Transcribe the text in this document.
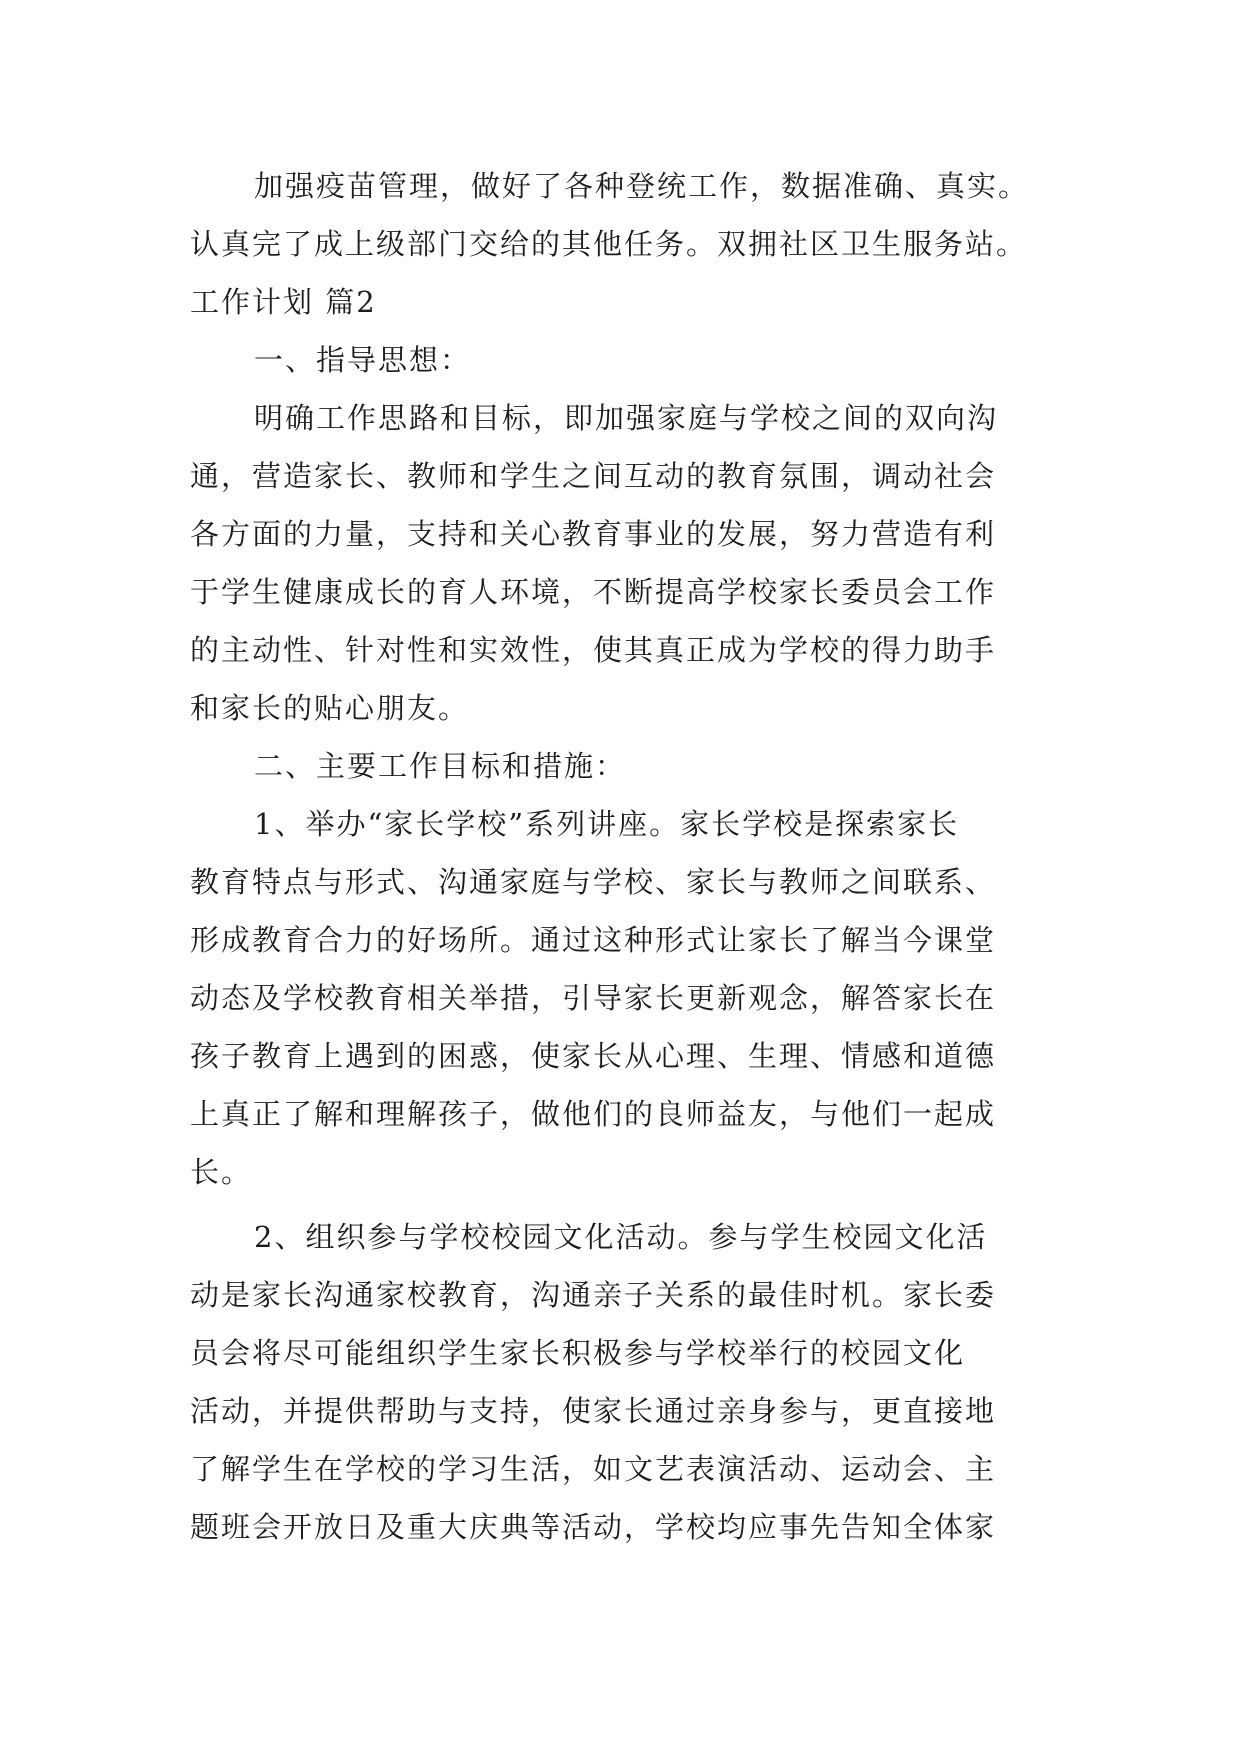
加强疫苗管理，做好了各种登统工作，数据准确、真实。
认真完了成上级部门交给的其他任务。双拥社区卫生服务站。
工作计划 篇2
一、指导思想：
明确工作思路和目标，即加强家庭与学校之间的双向沟
通，营造家长、教师和学生之间互动的教育氛围，调动社会
各方面的力量，支持和关心教育事业的发展，努力营造有利
于学生健康成长的育人环境，不断提高学校家长委员会工作
的主动性、针对性和实效性，使其真正成为学校的得力助手
和家长的贴心朋友。
二、主要工作目标和措施：
1、举办“家长学校”系列讲座。家长学校是探索家长
教育特点与形式、沟通家庭与学校、家长与教师之间联系、
形成教育合力的好场所。通过这种形式让家长了解当今课堂
动态及学校教育相关举措，引导家长更新观念，解答家长在
孩子教育上遇到的困惑，使家长从心理、生理、情感和道德
上真正了解和理解孩子，做他们的良师益友，与他们一起成
长。
2、组织参与学校校园文化活动。参与学生校园文化活
动是家长沟通家校教育，沟通亲子关系的最佳时机。家长委
员会将尽可能组织学生家长积极参与学校举行的校园文化
活动，并提供帮助与支持，使家长通过亲身参与，更直接地
了解学生在学校的学习生活，如文艺表演活动、运动会、主
题班会开放日及重大庆典等活动，学校均应事先告知全体家
